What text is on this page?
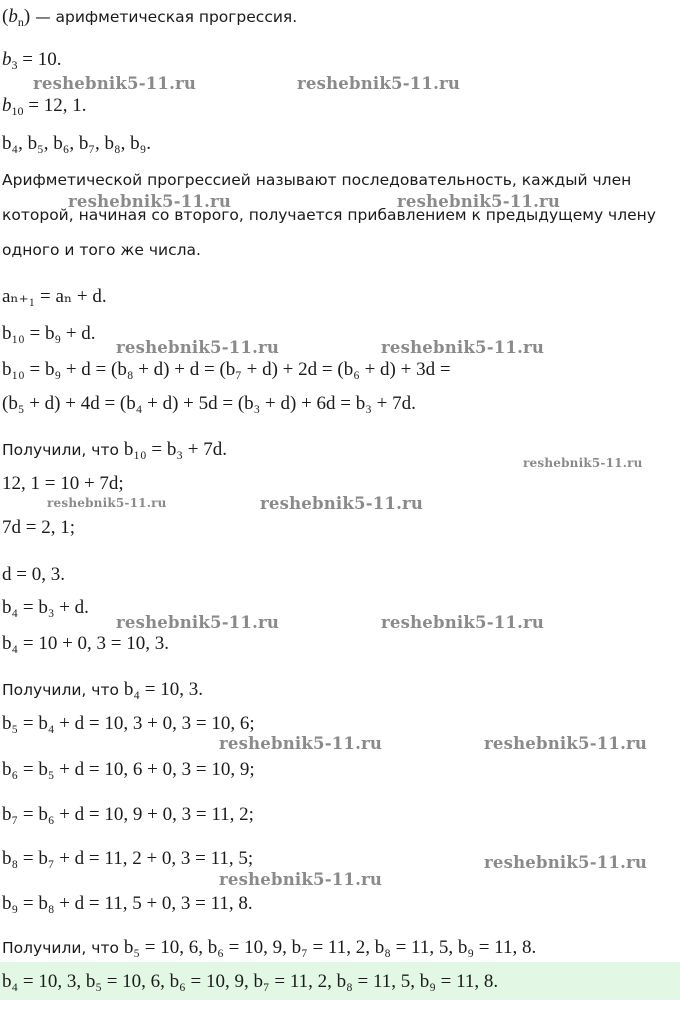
$(b_n)$ — арифметическая прогрессия.
$b_3 = 10$.
$b_{10} = 12$, 1.
b₄, b₅, b₆, b₇, b₈, b₉.
Арифметической прогрессией называют последовательность, каждый член
которой, начиная со второго, получается прибавлением к предыдущему члену
одного и того же числа.
aₙ₊₁ = aₙ + d.
b₁₀ = b₉ + d.
b₁₀ = b₉ + d = (b₈ + d) + d = (b₇ + d) + 2d = (b₆ + d) + 3d =
(b₅ + d) + 4d = (b₄ + d) + 5d = (b₃ + d) + 6d = b₃ + 7d.
Получили, что b₁₀ = b₃ + 7d.
12, 1 = 10 + 7d;
7d = 2, 1;
d = 0, 3.
b₄ = b₃ + d.
b₄ = 10 + 0, 3 = 10, 3.
Получили, что b₄ = 10, 3.
b₅ = b₄ + d = 10, 3 + 0, 3 = 10, 6;
b₆ = b₅ + d = 10, 6 + 0, 3 = 10, 9;
b₇ = b₆ + d = 10, 9 + 0, 3 = 11, 2;
b₈ = b₇ + d = 11, 2 + 0, 3 = 11, 5;
b₉ = b₈ + d = 11, 5 + 0, 3 = 11, 8.
Получили, что b₅ = 10, 6, b₆ = 10, 9, b₇ = 11, 2, b₈ = 11, 5, b₉ = 11, 8.
b₄ = 10, 3, b₅ = 10, 6, b₆ = 10, 9, b₇ = 11, 2, b₈ = 11, 5, b₉ = 11, 8.
reshebnik5-11.ru	reshebnik5-11.ru
reshebnik5-11.ru	reshebnik5-11.ru
reshebnik5-11.ru	reshebnik5-11.ru
reshebnik5-11.ru
reshebnik5-11.ru	reshebnik5-11.ru
reshebnik5-11.ru	reshebnik5-11.ru
reshebnik5-11.ru	reshebnik5-11.ru
reshebnik5-11.ru
reshebnik5-11.ru
